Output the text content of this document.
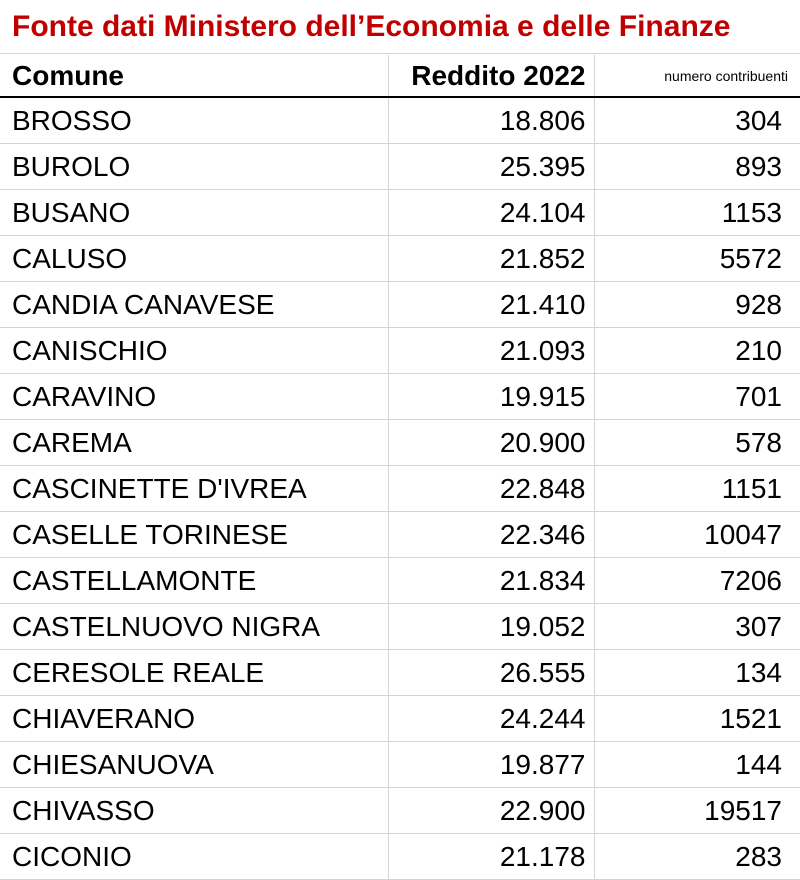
Fonte dati Ministero dell’Economia e delle Finanze
Comune	Reddito 2022	numero contribuenti
BROSSO	18.806	304
BUROLO	25.395	893
BUSANO	24.104	1153
CALUSO	21.852	5572
CANDIA CANAVESE	21.410	928
CANISCHIO	21.093	210
CARAVINO	19.915	701
CAREMA	20.900	578
CASCINETTE D'IVREA	22.848	1151
CASELLE TORINESE	22.346	10047
CASTELLAMONTE	21.834	7206
CASTELNUOVO NIGRA	19.052	307
CERESOLE REALE	26.555	134
CHIAVERANO	24.244	1521
CHIESANUOVA	19.877	144
CHIVASSO	22.900	19517
CICONIO	21.178	283
